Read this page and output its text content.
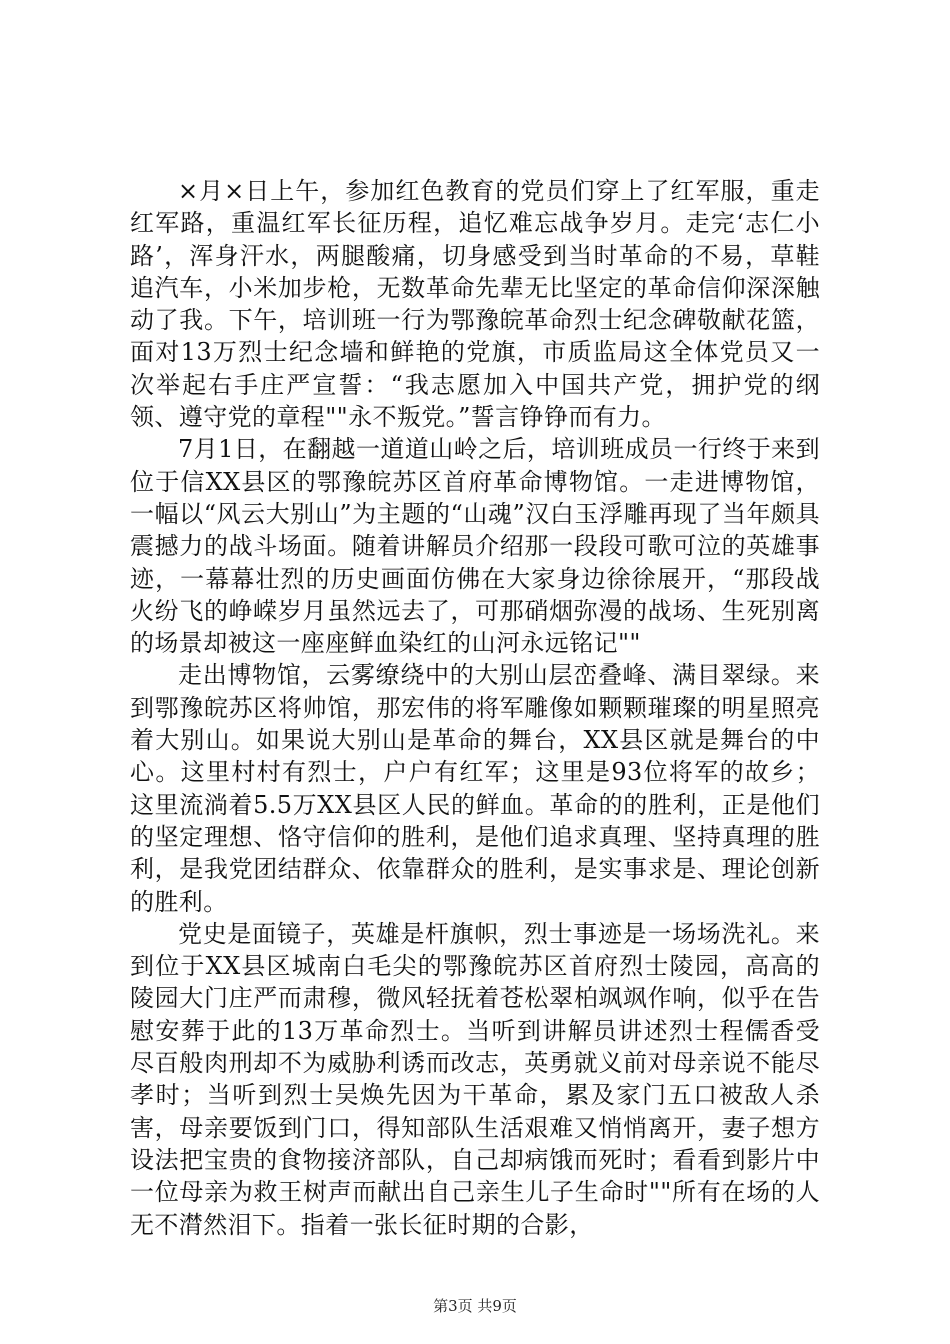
×月×日上午，参加红色教育的党员们穿上了红军服，重走红军路，重温红军长征历程，追忆难忘战争岁月。走完‘志仁小路’，浑身汗水，两腿酸痛，切身感受到当时革命的不易，草鞋追汽车，小米加步枪，无数革命先辈无比坚定的革命信仰深深触动了我。下午，培训班一行为鄂豫皖革命烈士纪念碑敬献花篮，面对13万烈士纪念墙和鲜艳的党旗，市质监局这全体党员又一次举起右手庄严宣誓：“我志愿加入中国共产党，拥护党的纲领、遵守党的章程""永不叛党。”誓言铮铮而有力。

7月1日，在翻越一道道山岭之后，培训班成员一行终于来到位于信XX县区的鄂豫皖苏区首府革命博物馆。一走进博物馆，一幅以“风云大别山”为主题的“山魂”汉白玉浮雕再现了当年颇具震撼力的战斗场面。随着讲解员介绍那一段段可歌可泣的英雄事迹，一幕幕壮烈的历史画面仿佛在大家身边徐徐展开，“那段战火纷飞的峥嵘岁月虽然远去了，可那硝烟弥漫的战场、生死别离的场景却被这一座座鲜血染红的山河永远铭记""

走出博物馆，云雾缭绕中的大别山层峦叠峰、满目翠绿。来到鄂豫皖苏区将帅馆，那宏伟的将军雕像如颗颗璀璨的明星照亮着大别山。如果说大别山是革命的舞台，XX县区就是舞台的中心。这里村村有烈士，户户有红军；这里是93位将军的故乡；这里流淌着5.5万XX县区人民的鲜血。革命的的胜利，正是他们的坚定理想、恪守信仰的胜利，是他们追求真理、坚持真理的胜利，是我党团结群众、依靠群众的胜利，是实事求是、理论创新的胜利。

党史是面镜子，英雄是杆旗帜，烈士事迹是一场场洗礼。来到位于XX县区城南白毛尖的鄂豫皖苏区首府烈士陵园，高高的陵园大门庄严而肃穆，微风轻抚着苍松翠柏飒飒作响，似乎在告慰安葬于此的13万革命烈士。当听到讲解员讲述烈士程儒香受尽百般肉刑却不为威胁利诱而改志，英勇就义前对母亲说不能尽孝时；当听到烈士吴焕先因为干革命，累及家门五口被敌人杀害，母亲要饭到门口，得知部队生活艰难又悄悄离开，妻子想方设法把宝贵的食物接济部队，自己却病饿而死时；看看到影片中一位母亲为救王树声而献出自己亲生儿子生命时""所有在场的人无不潸然泪下。指着一张长征时期的合影，

第3页 共9页
